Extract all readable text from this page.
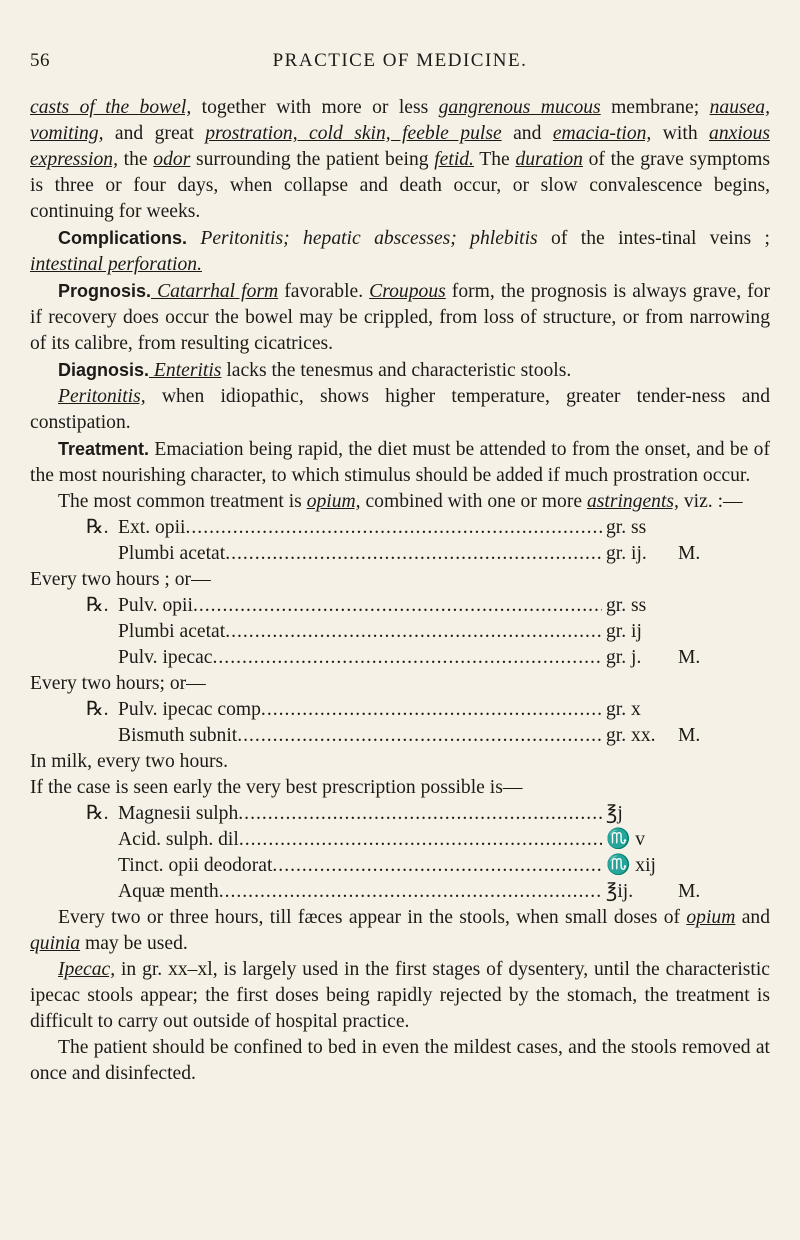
56	PRACTICE OF MEDICINE.

casts of the bowel, together with more or less gangrenous mucous membrane; nausea, vomiting, and great prostration, cold skin, feeble pulse and emacia-tion, with anxious expression, the odor surrounding the patient being fetid. The duration of the grave symptoms is three or four days, when collapse and death occur, or slow convalescence begins, continuing for weeks.

Complications. Peritonitis; hepatic abscesses; phlebitis of the intes-tinal veins ; intestinal perforation.

Prognosis. Catarrhal form favorable. Croupous form, the prognosis is always grave, for if recovery does occur the bowel may be crippled, from loss of structure, or from narrowing of its calibre, from resulting cicatrices.

Diagnosis. Enteritis lacks the tenesmus and characteristic stools.

Peritonitis, when idiopathic, shows higher temperature, greater tender-ness and constipation.

Treatment. Emaciation being rapid, the diet must be attended to from the onset, and be of the most nourishing character, to which stimulus should be added if much prostration occur.

The most common treatment is opium, combined with one or more astringents, viz. :—

℞. Ext. opii .....	gr. ss
Plumbi acetat .....	gr. ij.	M.

Every two hours ; or—

℞. Pulv. opii .....	gr. ss
Plumbi acetat .....	gr. ij
Pulv. ipecac .....	gr. j.	M.

Every two hours; or—

℞. Pulv. ipecac comp .....	gr. x
Bismuth subnit .....	gr. xx.	M.

In milk, every two hours.

If the case is seen early the very best prescription possible is—

℞. Magnesii sulph .....	℥j
Acid. sulph. dil .....	♏ v
Tinct. opii deodorat .....	♏ xij
Aquæ menth .....	℥ij.	M.

Every two or three hours, till fæces appear in the stools, when small doses of opium and quinia may be used.

Ipecac, in gr. xx–xl, is largely used in the first stages of dysentery, until the characteristic ipecac stools appear; the first doses being rapidly rejected by the stomach, the treatment is difficult to carry out outside of hospital practice.

The patient should be confined to bed in even the mildest cases, and the stools removed at once and disinfected.
